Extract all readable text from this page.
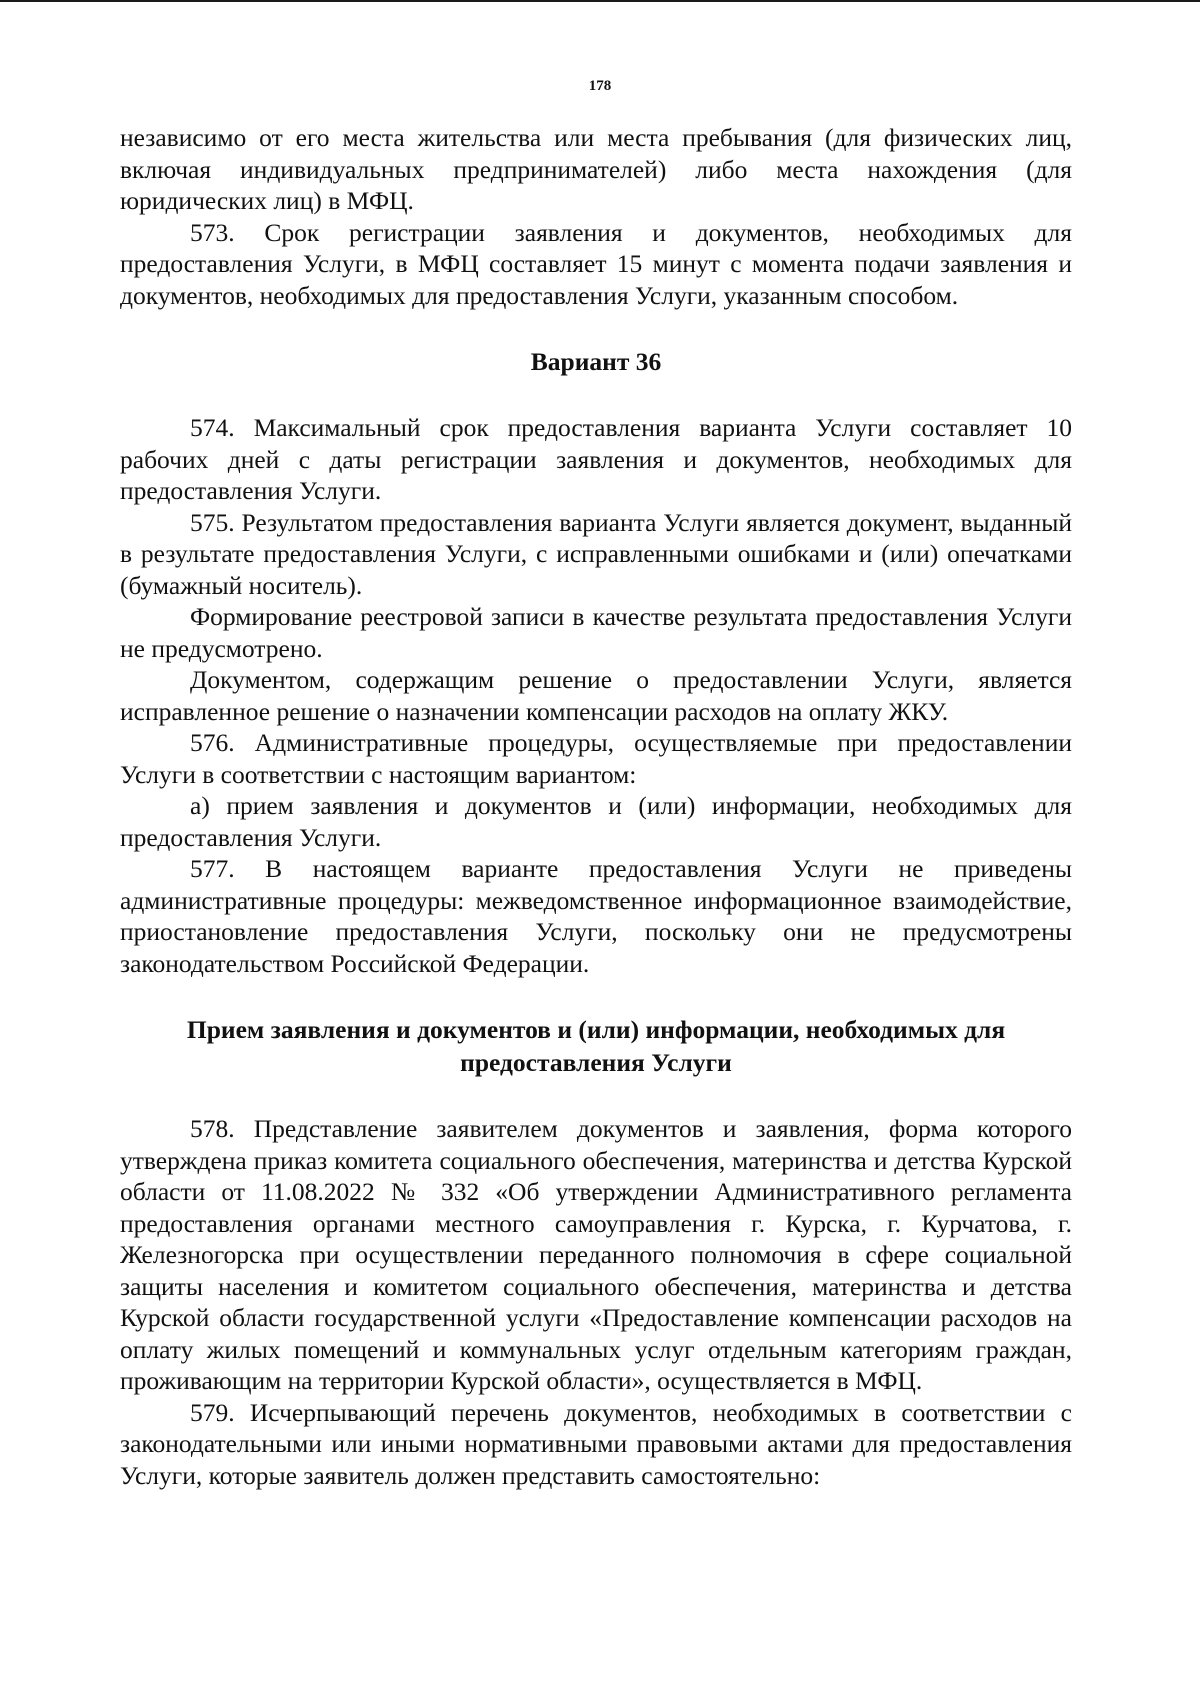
178

независимо от его места жительства или места пребывания (для физических лиц, включая индивидуальных предпринимателей) либо места нахождения (для юридических лиц) в МФЦ.

573. Срок регистрации заявления и документов, необходимых для предоставления Услуги, в МФЦ составляет 15 минут с момента подачи заявления и документов, необходимых для предоставления Услуги, указанным способом.

Вариант 36

574. Максимальный срок предоставления варианта Услуги составляет 10 рабочих дней с даты регистрации заявления и документов, необходимых для предоставления Услуги.

575. Результатом предоставления варианта Услуги является документ, выданный в результате предоставления Услуги, с исправленными ошибками и (или) опечатками (бумажный носитель).

Формирование реестровой записи в качестве результата предоставления Услуги не предусмотрено.

Документом, содержащим решение о предоставлении Услуги, является исправленное решение о назначении компенсации расходов на оплату ЖКУ.

576. Административные процедуры, осуществляемые при предоставлении Услуги в соответствии с настоящим вариантом:

а) прием заявления и документов и (или) информации, необходимых для предоставления Услуги.

577. В настоящем варианте предоставления Услуги не приведены административные процедуры: межведомственное информационное взаимодействие, приостановление предоставления Услуги, поскольку они не предусмотрены законодательством Российской Федерации.

Прием заявления и документов и (или) информации, необходимых для предоставления Услуги

578. Представление заявителем документов и заявления, форма которого утверждена приказ комитета социального обеспечения, материнства и детства Курской области от 11.08.2022 № 332 «Об утверждении Административного регламента предоставления органами местного самоуправления г. Курска, г. Курчатова, г. Железногорска при осуществлении переданного полномочия в сфере социальной защиты населения и комитетом социального обеспечения, материнства и детства Курской области государственной услуги «Предоставление компенсации расходов на оплату жилых помещений и коммунальных услуг отдельным категориям граждан, проживающим на территории Курской области», осуществляется в МФЦ.

579. Исчерпывающий перечень документов, необходимых в соответствии с законодательными или иными нормативными правовыми актами для предоставления Услуги, которые заявитель должен представить самостоятельно:
